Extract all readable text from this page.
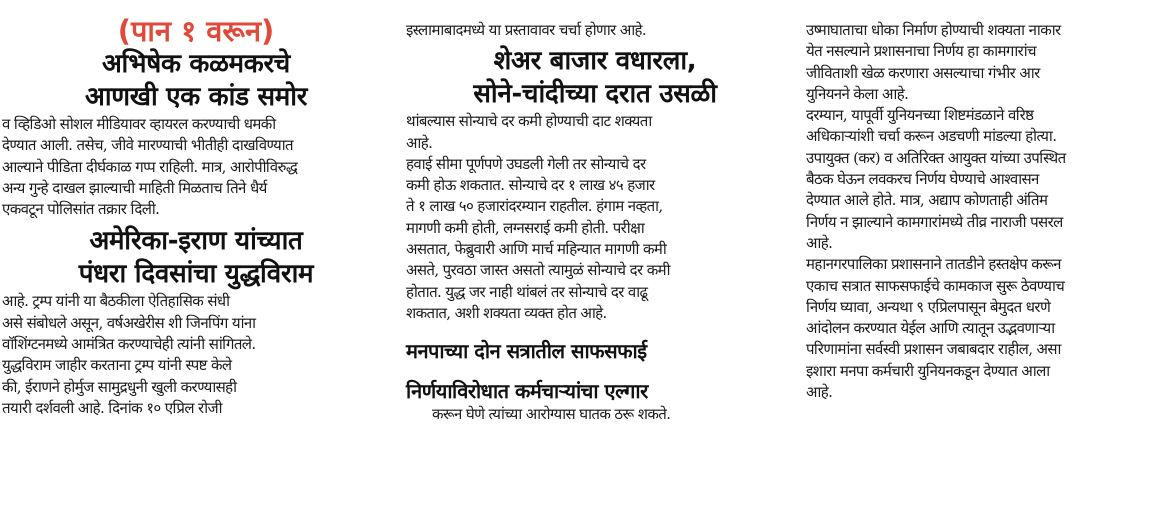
(पान १ वरून)
अभिषेक कळमकरचे
आणखी एक कांड समोर

व व्हिडिओ सोशल मीडियावर व्हायरल करण्याची धमकी

देण्यात आली. तसेच, जीवे मारण्याची भीतीही दाखविण्यात

आल्याने पीडिता दीर्घकाळ गप्प राहिली. मात्र, आरोपीविरुद्ध

अन्य गुन्हे दाखल झाल्याची माहिती मिळताच तिने धैर्य

एकवटून पोलिसांत तक्रार दिली.

अमेरिका-इराण यांच्यात
पंधरा दिवसांचा युद्धविराम

आहे. ट्रम्प यांनी या बैठकीला ऐतिहासिक संधी

असे संबोधले असून, वर्षअखेरीस शी जिनपिंग यांना

वॉशिंग्टनमध्ये आमंत्रित करण्याचेही त्यांनी सांगितले.

युद्धविराम जाहीर करताना ट्रम्प यांनी स्पष्ट केले

की, ईराणने होर्मुज सामुद्रधुनी खुली करण्यासही

तयारी दर्शवली आहे. दिनांक १० एप्रिल रोजी

इस्लामाबादमध्ये या प्रस्तावावर चर्चा होणार आहे.

शेअर बाजार वधारला,
सोने-चांदीच्या दरात उसळी

थांबल्यास सोन्याचे दर कमी होण्याची दाट शक्यता

आहे.

हवाई सीमा पूर्णपणे उघडली गेली तर सोन्याचे दर

कमी होऊ शकतात. सोन्याचे दर १ लाख ४५ हजार

ते १ लाख ५० हजारांदरम्यान राहतील. हंगाम नव्हता,

मागणी कमी होती, लग्नसराई कमी होती. परीक्षा

असतात, फेब्रुवारी आणि मार्च महिन्यात मागणी कमी

असते, पुरवठा जास्त असतो त्यामुळं सोन्याचे दर कमी

होतात. युद्ध जर नाही थांबलं तर सोन्याचे दर वाढू

शकतात, अशी शक्यता व्यक्त होत आहे.

मनपाच्या दोन सत्रातील साफसफाई
निर्णयाविरोधात कर्मचाऱ्यांचा एल्गार

करून घेणे त्यांच्या आरोग्यास घातक ठरू शकते.

उष्माघाताचा धोका निर्माण होण्याची शक्यता नाकार

येत नसल्याने प्रशासनाचा निर्णय हा कामगारांच

जीविताशी खेळ करणारा असल्याचा गंभीर आर

युनियनने केला आहे.

दरम्यान, यापूर्वी युनियनच्या शिष्टमंडळाने वरिष्ठ

अधिकाऱ्यांशी चर्चा करून अडचणी मांडल्या होत्या.

उपायुक्त (कर) व अतिरिक्त आयुक्त यांच्या उपस्थित

बैठक घेऊन लवकरच निर्णय घेण्याचे आश्वासन

देण्यात आले होते. मात्र, अद्याप कोणताही अंतिम

निर्णय न झाल्याने कामगारांमध्ये तीव्र नाराजी पसरल

आहे.

महानगरपालिका प्रशासनाने तातडीने हस्तक्षेप करून

एकाच सत्रात साफसफाईचे कामकाज सुरू ठेवण्याच

निर्णय घ्यावा, अन्यथा ९ एप्रिलपासून बेमुदत धरणे

आंदोलन करण्यात येईल आणि त्यातून उद्भवणाऱ्या

परिणामांना सर्वस्वी प्रशासन जबाबदार राहील, असा

इशारा मनपा कर्मचारी युनियनकडून देण्यात आला

आहे.
